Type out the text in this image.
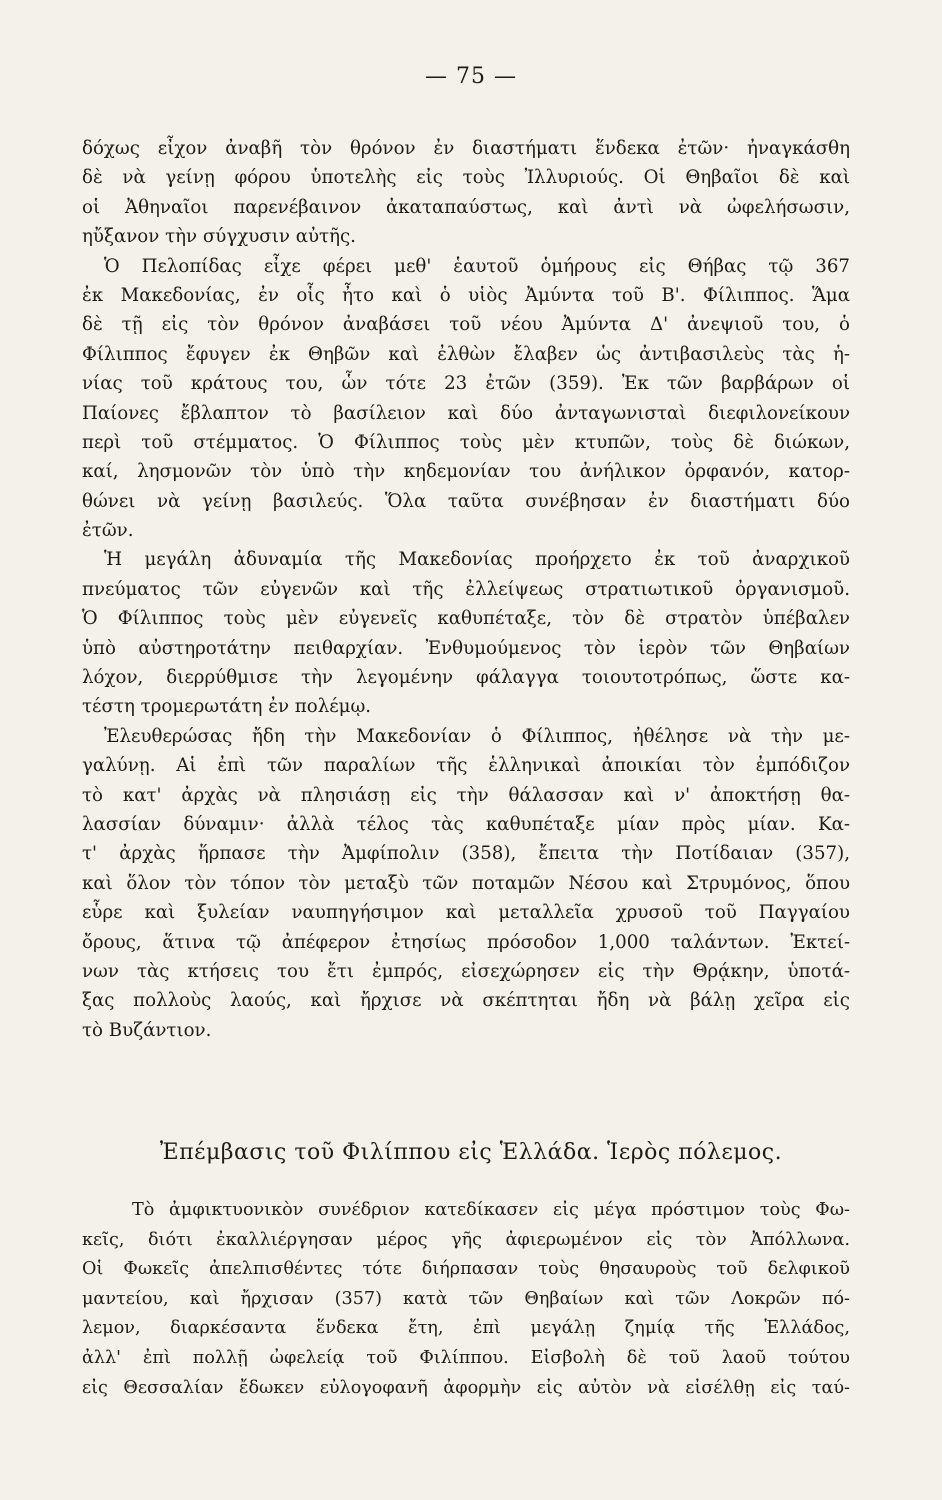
— 75 —
δόχως εἶχον ἀναβῆ τὸν θρόνον ἐν διαστήματι ἕνδεκα ἐτῶν· ἠναγκάσθη
δὲ νὰ γείνῃ φόρου ὑποτελὴς εἰς τοὺς Ἰλλυριούς. Οἱ Θηβαῖοι δὲ καὶ
οἱ Ἀθηναῖοι παρενέβαινον ἀκαταπαύστως, καὶ ἀντὶ νὰ ὠφελήσωσιν,
ηὔξανον τὴν σύγχυσιν αὐτῆς.
Ὁ Πελοπίδας εἶχε φέρει μεθ' ἑαυτοῦ ὁμήρους εἰς Θήβας τῷ 367
ἐκ Μακεδονίας, ἐν οἷς ἦτο καὶ ὁ υἱὸς Ἀμύντα τοῦ Β'. Φίλιππος. Ἅμα
δὲ τῇ εἰς τὸν θρόνον ἀναβάσει τοῦ νέου Ἀμύντα Δ' ἀνεψιοῦ του, ὁ
Φίλιππος ἔφυγεν ἐκ Θηβῶν καὶ ἐλθὼν ἔλαβεν ὡς ἀντιβασιλεὺς τὰς ἡ-
νίας τοῦ κράτους του, ὧν τότε 23 ἐτῶν (359). Ἐκ τῶν βαρβάρων οἱ
Παίονες ἔβλαπτον τὸ βασίλειον καὶ δύο ἀνταγωνισταὶ διεφιλονείκουν
περὶ τοῦ στέμματος. Ὁ Φίλιππος τοὺς μὲν κτυπῶν, τοὺς δὲ διώκων,
καί, λησμονῶν τὸν ὑπὸ τὴν κηδεμονίαν του ἀνήλικον ὀρφανόν, κατορ-
θώνει νὰ γείνῃ βασιλεύς. Ὅλα ταῦτα συνέβησαν ἐν διαστήματι δύο
ἐτῶν.
Ἡ μεγάλη ἀδυναμία τῆς Μακεδονίας προήρχετο ἐκ τοῦ ἀναρχικοῦ
πνεύματος τῶν εὐγενῶν καὶ τῆς ἐλλείψεως στρατιωτικοῦ ὀργανισμοῦ.
Ὁ Φίλιππος τοὺς μὲν εὐγενεῖς καθυπέταξε, τὸν δὲ στρατὸν ὑπέβαλεν
ὑπὸ αὐστηροτάτην πειθαρχίαν. Ἐνθυμούμενος τὸν ἱερὸν τῶν Θηβαίων
λόχον, διερρύθμισε τὴν λεγομένην φάλαγγα τοιουτοτρόπως, ὥστε κα-
τέστη τρομερωτάτη ἐν πολέμῳ.
Ἐλευθερώσας ἤδη τὴν Μακεδονίαν ὁ Φίλιππος, ἠθέλησε νὰ τὴν με-
γαλύνῃ. Αἱ ἐπὶ τῶν παραλίων τῆς ἑλληνικαὶ ἀποικίαι τὸν ἐμπόδιζον
τὸ κατ' ἀρχὰς νὰ πλησιάσῃ εἰς τὴν θάλασσαν καὶ ν' ἀποκτήσῃ θα-
λασσίαν δύναμιν· ἀλλὰ τέλος τὰς καθυπέταξε μίαν πρὸς μίαν. Κα-
τ' ἀρχὰς ἥρπασε τὴν Ἀμφίπολιν (358), ἔπειτα τὴν Ποτίδαιαν (357),
καὶ ὅλον τὸν τόπον τὸν μεταξὺ τῶν ποταμῶν Νέσου καὶ Στρυμόνος, ὅπου
εὗρε καὶ ξυλείαν ναυπηγήσιμον καὶ μεταλλεῖα χρυσοῦ τοῦ Παγγαίου
ὄρους, ἅτινα τῷ ἀπέφερον ἐτησίως πρόσοδον 1,000 ταλάντων. Ἐκτεί-
νων τὰς κτήσεις του ἔτι ἐμπρός, εἰσεχώρησεν εἰς τὴν Θρᾴκην, ὑποτά-
ξας πολλοὺς λαούς, καὶ ἤρχισε νὰ σκέπτηται ἤδη νὰ βάλῃ χεῖρα εἰς
τὸ Βυζάντιον.
Ἐπέμβασις τοῦ Φιλίππου εἰς Ἑλλάδα. Ἱερὸς πόλεμος.
Τὸ ἀμφικτυονικὸν συνέδριον κατεδίκασεν εἰς μέγα πρόστιμον τοὺς Φω-
κεῖς, διότι ἐκαλλιέργησαν μέρος γῆς ἀφιερωμένον εἰς τὸν Ἀπόλλωνα.
Οἱ Φωκεῖς ἀπελπισθέντες τότε διήρπασαν τοὺς θησαυροὺς τοῦ δελφικοῦ
μαντείου, καὶ ἤρχισαν (357) κατὰ τῶν Θηβαίων καὶ τῶν Λοκρῶν πό-
λεμον, διαρκέσαντα ἕνδεκα ἔτη, ἐπὶ μεγάλῃ ζημίᾳ τῆς Ἑλλάδος,
ἀλλ' ἐπὶ πολλῇ ὠφελείᾳ τοῦ Φιλίππου. Εἰσβολὴ δὲ τοῦ λαοῦ τούτου
εἰς Θεσσαλίαν ἔδωκεν εὐλογοφανῆ ἀφορμὴν εἰς αὐτὸν νὰ εἰσέλθῃ εἰς ταύ-
